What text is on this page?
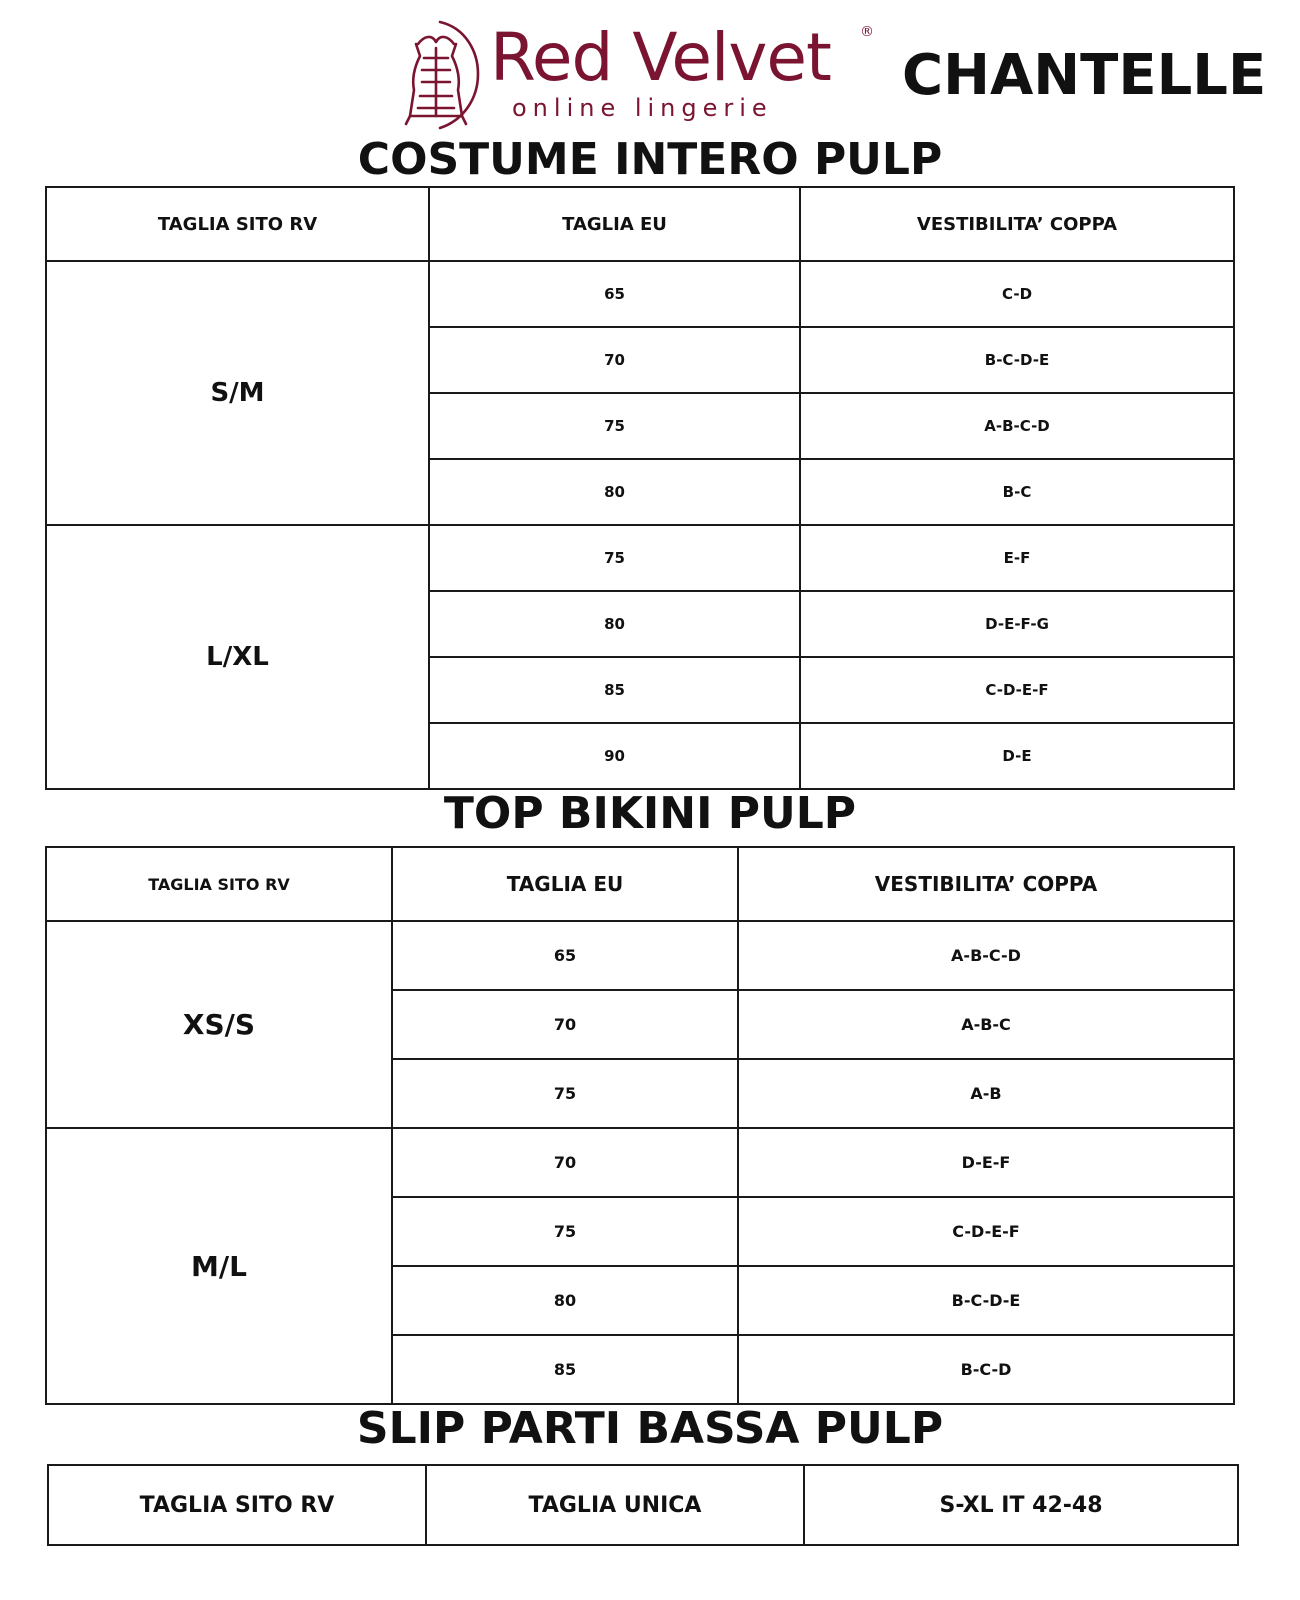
Red Velvet ®
online lingerie CHANTELLE
COSTUME INTERO PULP
TAGLIA SITO RV	TAGLIA EU	VESTIBILITA’ COPPA
S/M	65	C-D
	70	B-C-D-E
	75	A-B-C-D
	80	B-C
L/XL	75	E-F
	80	D-E-F-G
	85	C-D-E-F
	90	D-E
TOP BIKINI PULP
TAGLIA SITO RV	TAGLIA EU	VESTIBILITA’ COPPA
XS/S	65	A-B-C-D
	70	A-B-C
	75	A-B
M/L	70	D-E-F
	75	C-D-E-F
	80	B-C-D-E
	85	B-C-D
SLIP PARTI BASSA PULP
TAGLIA SITO RV	TAGLIA UNICA	S-XL IT 42-48
